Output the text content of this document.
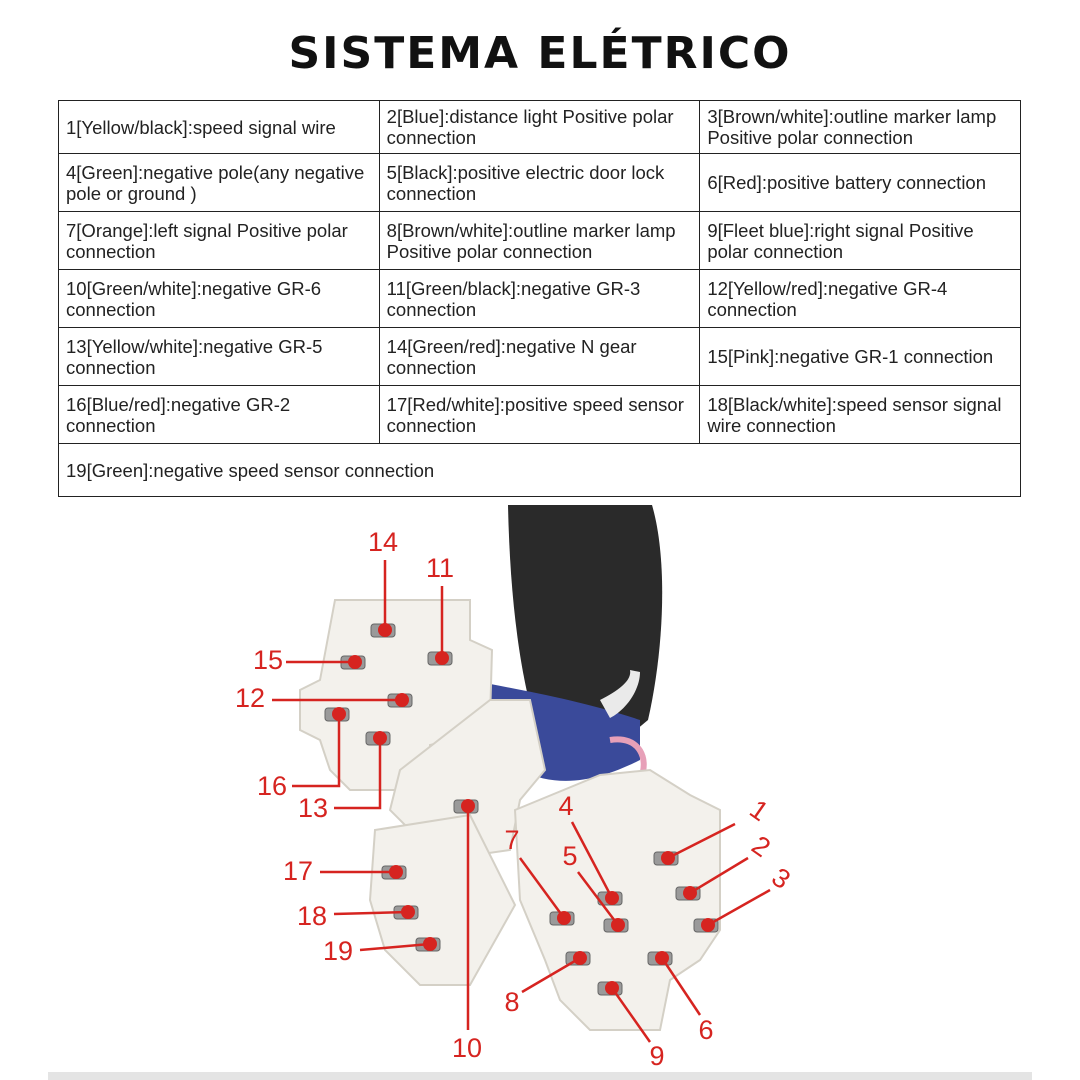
SISTEMA ELÉTRICO
1[Yellow/black]:speed signal wire	2[Blue]:distance light Positive polar connection	3[Brown/white]:outline marker lamp Positive polar connection
4[Green]:negative pole(any negative pole or ground )	5[Black]:positive electric door lock connection	6[Red]:positive battery connection
7[Orange]:left signal Positive polar connection	8[Brown/white]:outline marker lamp Positive polar connection	9[Fleet blue]:right signal Positive polar connection
10[Green/white]:negative GR-6 connection	11[Green/black]:negative GR-3 connection	12[Yellow/red]:negative GR-4 connection
13[Yellow/white]:negative GR-5 connection	14[Green/red]:negative N gear connection	15[Pink]:negative GR-1 connection
16[Blue/red]:negative GR-2 connection	17[Red/white]:positive speed sensor connection	18[Black/white]:speed sensor signal wire connection
19[Green]:negative speed sensor connection		
1
2
3
4
5
6
7
8
9
10
11
12
13
14
15
16
17
18
19
